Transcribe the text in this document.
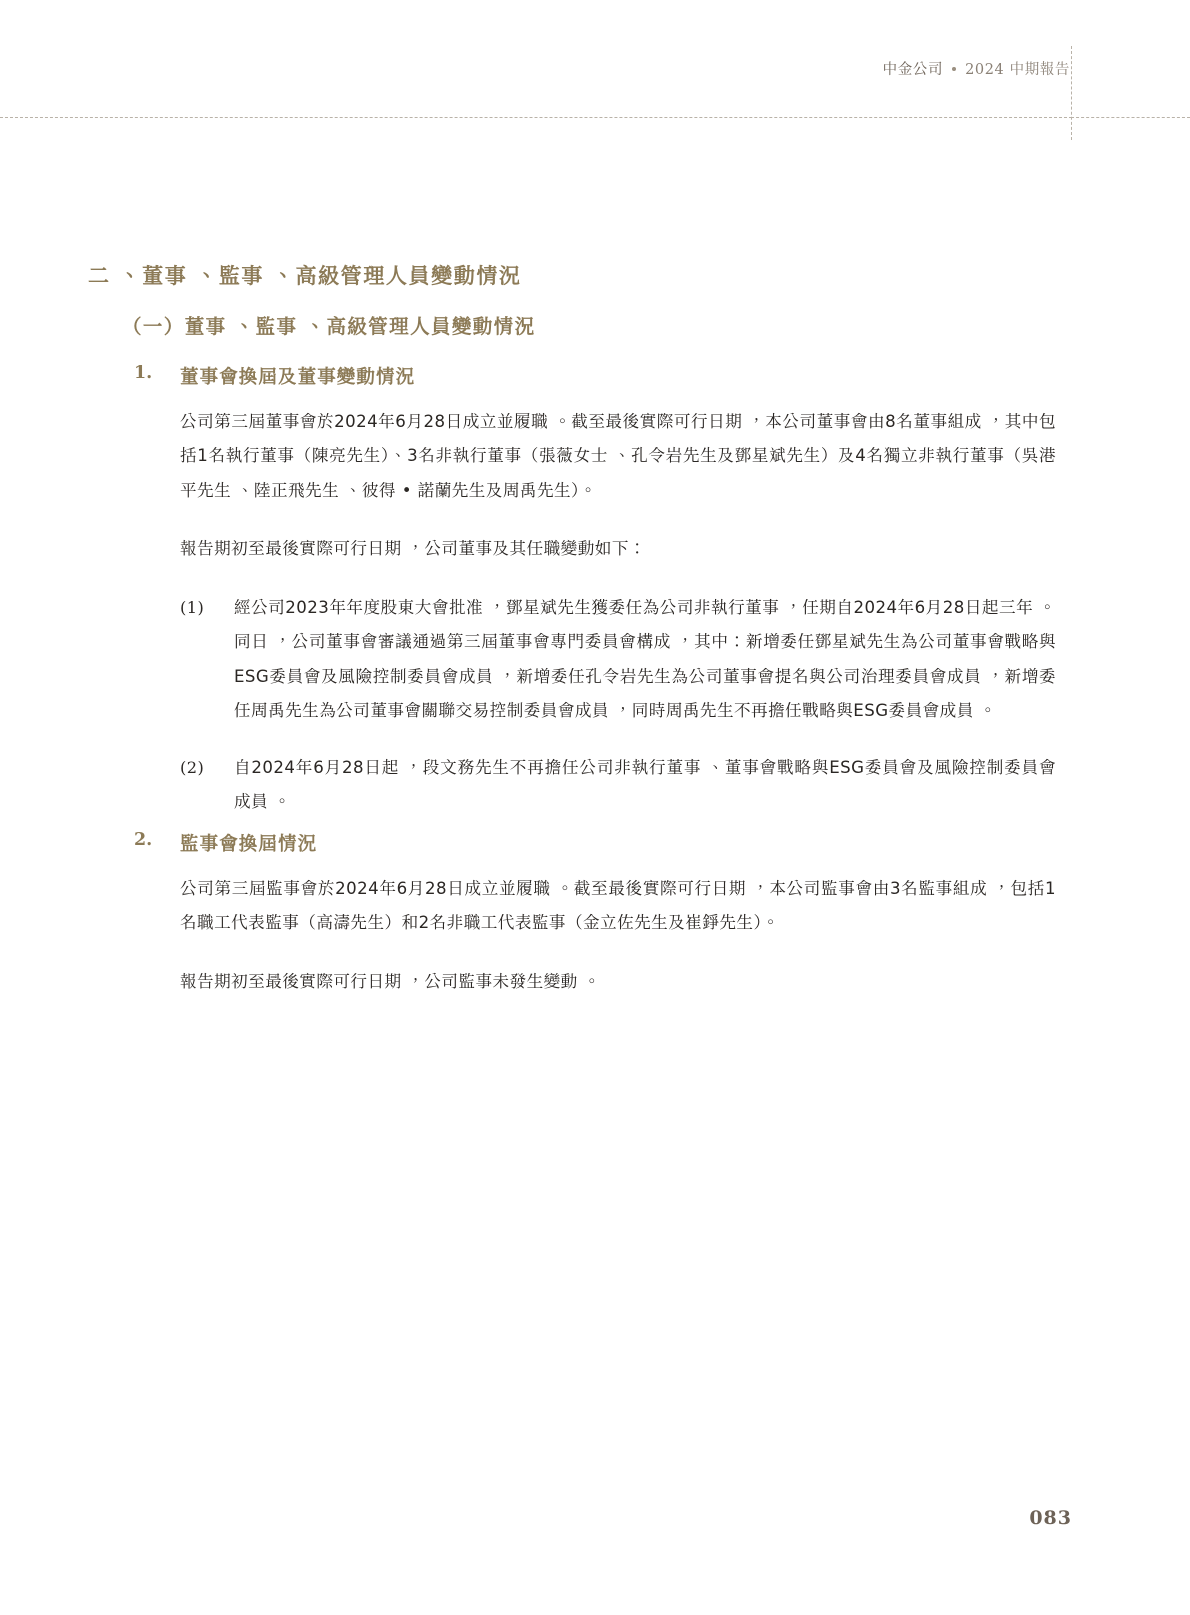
中金公司 2024 中期報告
二 、董事 、監事 、高級管理人員變動情況
（一）董事 、監事 、高級管理人員變動情況
1. 董事會換屆及董事變動情況

公司第三屆董事會於2024年6月28日成立並履職 。截至最後實際可行日期 ，本公司董事會由8名董事組成 ，其中包括1名執行董事（陳亮先生）、3名非執行董事（張薇女士 、孔令岩先生及鄧星斌先生）及4名獨立非執行董事（吳港平先生 、陸正飛先生 、彼得 • 諾蘭先生及周禹先生）。

報告期初至最後實際可行日期 ，公司董事及其任職變動如下：

(1) 經公司2023年年度股東大會批准 ，鄧星斌先生獲委任為公司非執行董事 ，任期自2024年6月28日起三年 。同日 ，公司董事會審議通過第三屆董事會專門委員會構成 ，其中：新增委任鄧星斌先生為公司董事會戰略與ESG委員會及風險控制委員會成員 ，新增委任孔令岩先生為公司董事會提名與公司治理委員會成員 ，新增委任周禹先生為公司董事會關聯交易控制委員會成員 ，同時周禹先生不再擔任戰略與ESG委員會成員 。
(2) 自2024年6月28日起 ，段文務先生不再擔任公司非執行董事 、董事會戰略與ESG委員會及風險控制委員會成員 。
2. 監事會換屆情況

公司第三屆監事會於2024年6月28日成立並履職 。截至最後實際可行日期 ，本公司監事會由3名監事組成 ，包括1名職工代表監事（高濤先生）和2名非職工代表監事（金立佐先生及崔錚先生）。

報告期初至最後實際可行日期 ，公司監事未發生變動 。

083
